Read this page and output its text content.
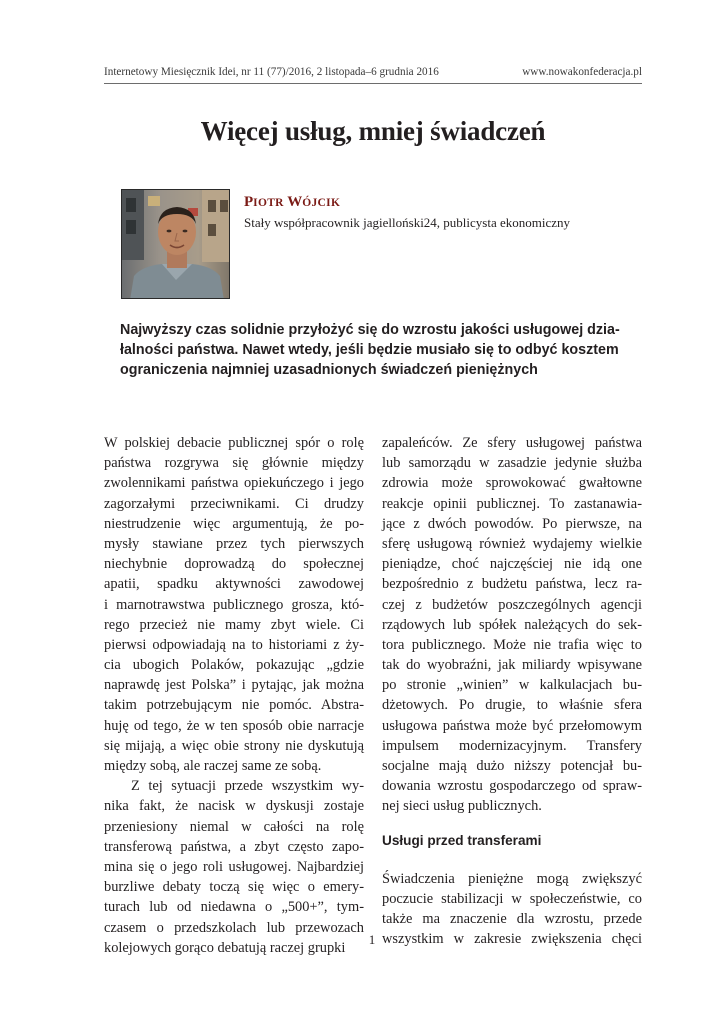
Internetowy Miesięcznik Idei, nr 11 (77)/2016, 2 listopada–6 grudnia 2016	www.nowakonfederacja.pl
Więcej usług, mniej świadczeń
PIOTR WÓJCIK
Stały współpracownik jagielloński24, publicysta ekonomiczny
Najwyższy czas solidnie przyłożyć się do wzrostu jakości usługowej dzia-
łalności państwa. Nawet wtedy, jeśli będzie musiało się to odbyć kosztem
ograniczenia najmniej uzasadnionych świadczeń pieniężnych
W polskiej debacie publicznej spór o rolę
państwa rozgrywa się głównie między
zwolennikami państwa opiekuńczego i jego
zagorzałymi przeciwnikami. Ci drudzy
niestrudzenie więc argumentują, że po-
mysły stawiane przez tych pierwszych
niechybnie doprowadzą do społecznej
apatii, spadku aktywności zawodowej
i marnotrawstwa publicznego grosza, któ-
rego przecież nie mamy zbyt wiele. Ci
pierwsi odpowiadają na to historiami z ży-
cia ubogich Polaków, pokazując „gdzie
naprawdę jest Polska” i pytając, jak można
takim potrzebującym nie pomóc. Abstra-
huję od tego, że w ten sposób obie narracje
się mijają, a więc obie strony nie dyskutują
między sobą, ale raczej same ze sobą.
Z tej sytuacji przede wszystkim wy-
nika fakt, że nacisk w dyskusji zostaje
przeniesiony niemal w całości na rolę
transferową państwa, a zbyt często zapo-
mina się o jego roli usługowej. Najbardziej
burzliwe debaty toczą się więc o emery-
turach lub od niedawna o „500+”, tym-
czasem o przedszkolach lub przewozach
kolejowych gorąco debatują raczej grupki
zapaleńców. Ze sfery usługowej państwa
lub samorządu w zasadzie jedynie służba
zdrowia może sprowokować gwałtowne
reakcje opinii publicznej. To zastanawia-
jące z dwóch powodów. Po pierwsze, na
sferę usługową również wydajemy wielkie
pieniądze, choć najczęściej nie idą one
bezpośrednio z budżetu państwa, lecz ra-
czej z budżetów poszczególnych agencji
rządowych lub spółek należących do sek-
tora publicznego. Może nie trafia więc to
tak do wyobraźni, jak miliardy wpisywane
po stronie „winien” w kalkulacjach bu-
dżetowych. Po drugie, to właśnie sfera
usługowa państwa może być przełomowym
impulsem modernizacyjnym. Transfery
socjalne mają dużo niższy potencjał bu-
dowania wzrostu gospodarczego od spraw-
nej sieci usług publicznych.
Usługi przed transferami
Świadczenia pieniężne mogą zwiększyć
poczucie stabilizacji w społeczeństwie, co
także ma znaczenie dla wzrostu, przede
wszystkim w zakresie zwiększenia chęci
1
